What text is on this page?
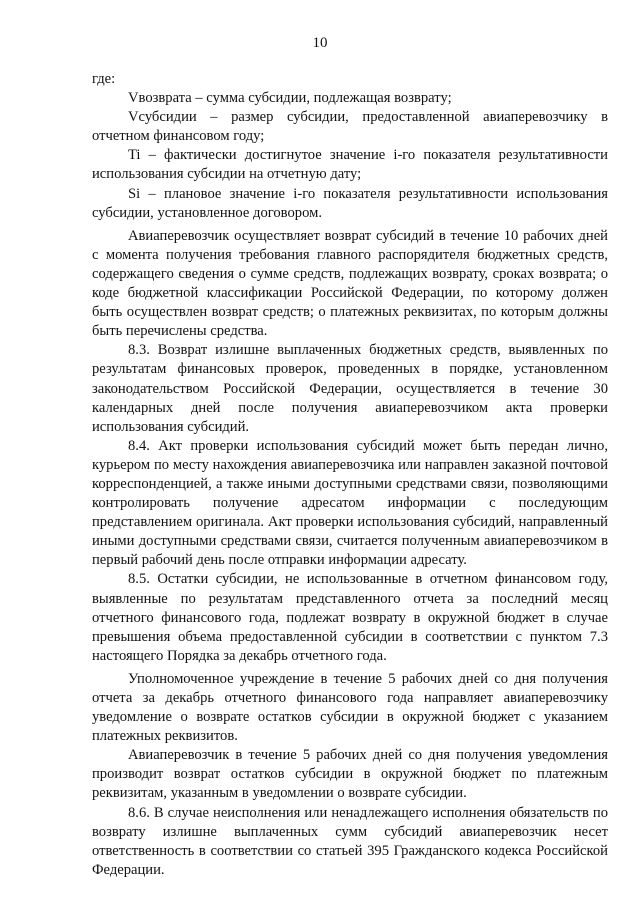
10

где:

Vвозврата – сумма субсидии, подлежащая возврату;

Vсубсидии – размер субсидии, предоставленной авиаперевозчику в отчетном финансовом году;

Ti – фактически достигнутое значение i-го показателя результативности использования субсидии на отчетную дату;

Si – плановое значение i-го показателя результативности использования субсидии, установленное договором.

Авиаперевозчик осуществляет возврат субсидий в течение 10 рабочих дней с момента получения требования главного распорядителя бюджетных средств, содержащего сведения о сумме средств, подлежащих возврату, сроках возврата; о коде бюджетной классификации Российской Федерации, по которому должен быть осуществлен возврат средств; о платежных реквизитах, по которым должны быть перечислены средства.

8.3. Возврат излишне выплаченных бюджетных средств, выявленных по результатам финансовых проверок, проведенных в порядке, установленном законодательством Российской Федерации, осуществляется в течение 30 календарных дней после получения авиаперевозчиком акта проверки использования субсидий.

8.4. Акт проверки использования субсидий может быть передан лично, курьером по месту нахождения авиаперевозчика или направлен заказной почтовой корреспонденцией, а также иными доступными средствами связи, позволяющими контролировать получение адресатом информации с последующим представлением оригинала. Акт проверки использования субсидий, направленный иными доступными средствами связи, считается полученным авиаперевозчиком в первый рабочий день после отправки информации адресату.

8.5. Остатки субсидии, не использованные в отчетном финансовом году, выявленные по результатам представленного отчета за последний месяц отчетного финансового года, подлежат возврату в окружной бюджет в случае превышения объема предоставленной субсидии в соответствии с пунктом 7.3 настоящего Порядка за декабрь отчетного года.

Уполномоченное учреждение в течение 5 рабочих дней со дня получения отчета за декабрь отчетного финансового года направляет авиаперевозчику уведомление о возврате остатков субсидии в окружной бюджет с указанием платежных реквизитов.

Авиаперевозчик в течение 5 рабочих дней со дня получения уведомления производит возврат остатков субсидии в окружной бюджет по платежным реквизитам, указанным в уведомлении о возврате субсидии.

8.6. В случае неисполнения или ненадлежащего исполнения обязательств по возврату излишне выплаченных сумм субсидий авиаперевозчик несет ответственность в соответствии со статьей 395 Гражданского кодекса Российской Федерации.
